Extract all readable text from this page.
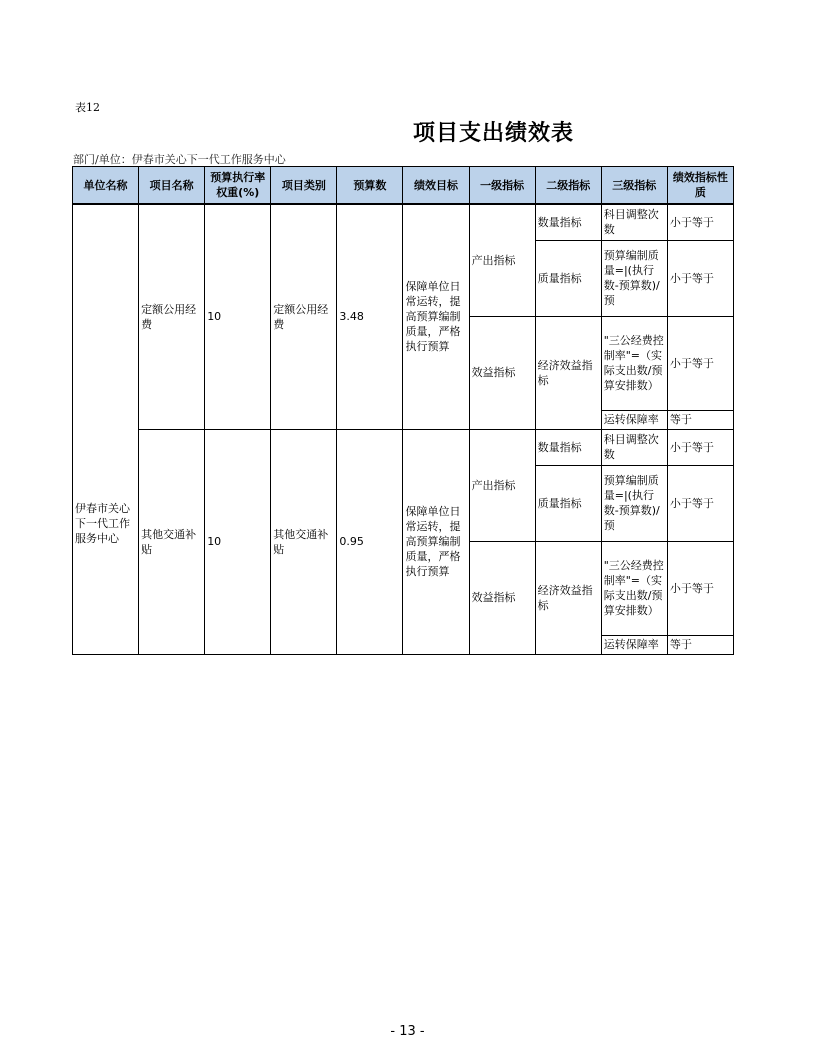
表12
项目支出绩效表
部门/单位：伊春市关心下一代工作服务中心
单位名称	项目名称	预算执行率权重(%)	项目类别	预算数	绩效目标	一级指标	二级指标	三级指标	绩效指标性质
伊春市关心下一代工作服务中心	定额公用经费	10	定额公用经费	3.48	保障单位日常运转，提高预算编制质量，严格执行预算	产出指标	数量指标	科目调整次数	小于等于
							质量指标	预算编制质量=|(执行数-预算数)/预	小于等于
						效益指标	经济效益指标	"三公经费控制率"=（实际支出数/预算安排数）	小于等于
								运转保障率	等于
	其他交通补贴	10	其他交通补贴	0.95	保障单位日常运转，提高预算编制质量，严格执行预算	产出指标	数量指标	科目调整次数	小于等于
							质量指标	预算编制质量=|(执行数-预算数)/预	小于等于
						效益指标	经济效益指标	"三公经费控制率"=（实际支出数/预算安排数）	小于等于
								运转保障率	等于
- 13 -
